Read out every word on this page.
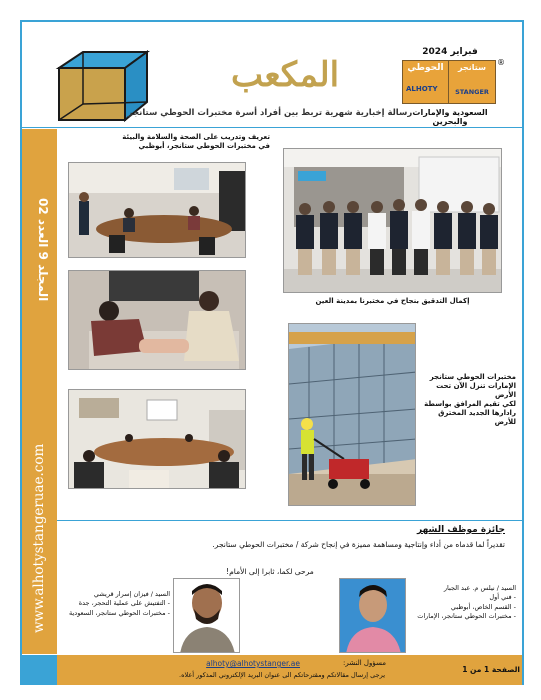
المكعب
رسالة إخبارية شهرية تربط بين أفراد أسرة مختبرات الحوطي ستانجر
فبراير 2024
الحوطي	ستانجر
ALHOTY	STANGER
®
السعودية والإمارات والبحرين
المجلد 9 العدد 02
www.alhotystangeruae.com
تعريف وتدريب على الصحة والسلامة والبيئة
في مختبرات الحوطي ستانجر، أبوظبي
إكمال التدقيق بنجاح في مختبرنا بمدينة العين
مختبرات الحوطي ستانجر
الإمارات تنزل الآن تحت الأرض
لكي تقيم المرافق بواسطة
رادارها الجديد المخترق للأرض
جائزة موظف الشهر
تقديراً لما قدماه من أداء وإنتاجية ومساهمة مميزة في إنجاح شركة / مختبرات الحوطي ستانجر.
مرحى لكما، ثابرا إلى الأمام!
السيد / فيزان إسرار قريشي
- التفتيش على عملية التحجر، جدة
- مختبرات الحوطي ستانجر، السعودية
السيد / نيلس م. عبد الجبار
- فني أول
- القسم الخاص، أبوظبي
- مختبرات الحوطي ستانجر، الإمارات
مسؤول النشر:
alhoty@alhotystanger.ae
يرجى إرسال مقالاتكم ومقترحاتكم الى عنوان البريد الإلكتروني المذكور أعلاه.
الصفحة 1 من 1
